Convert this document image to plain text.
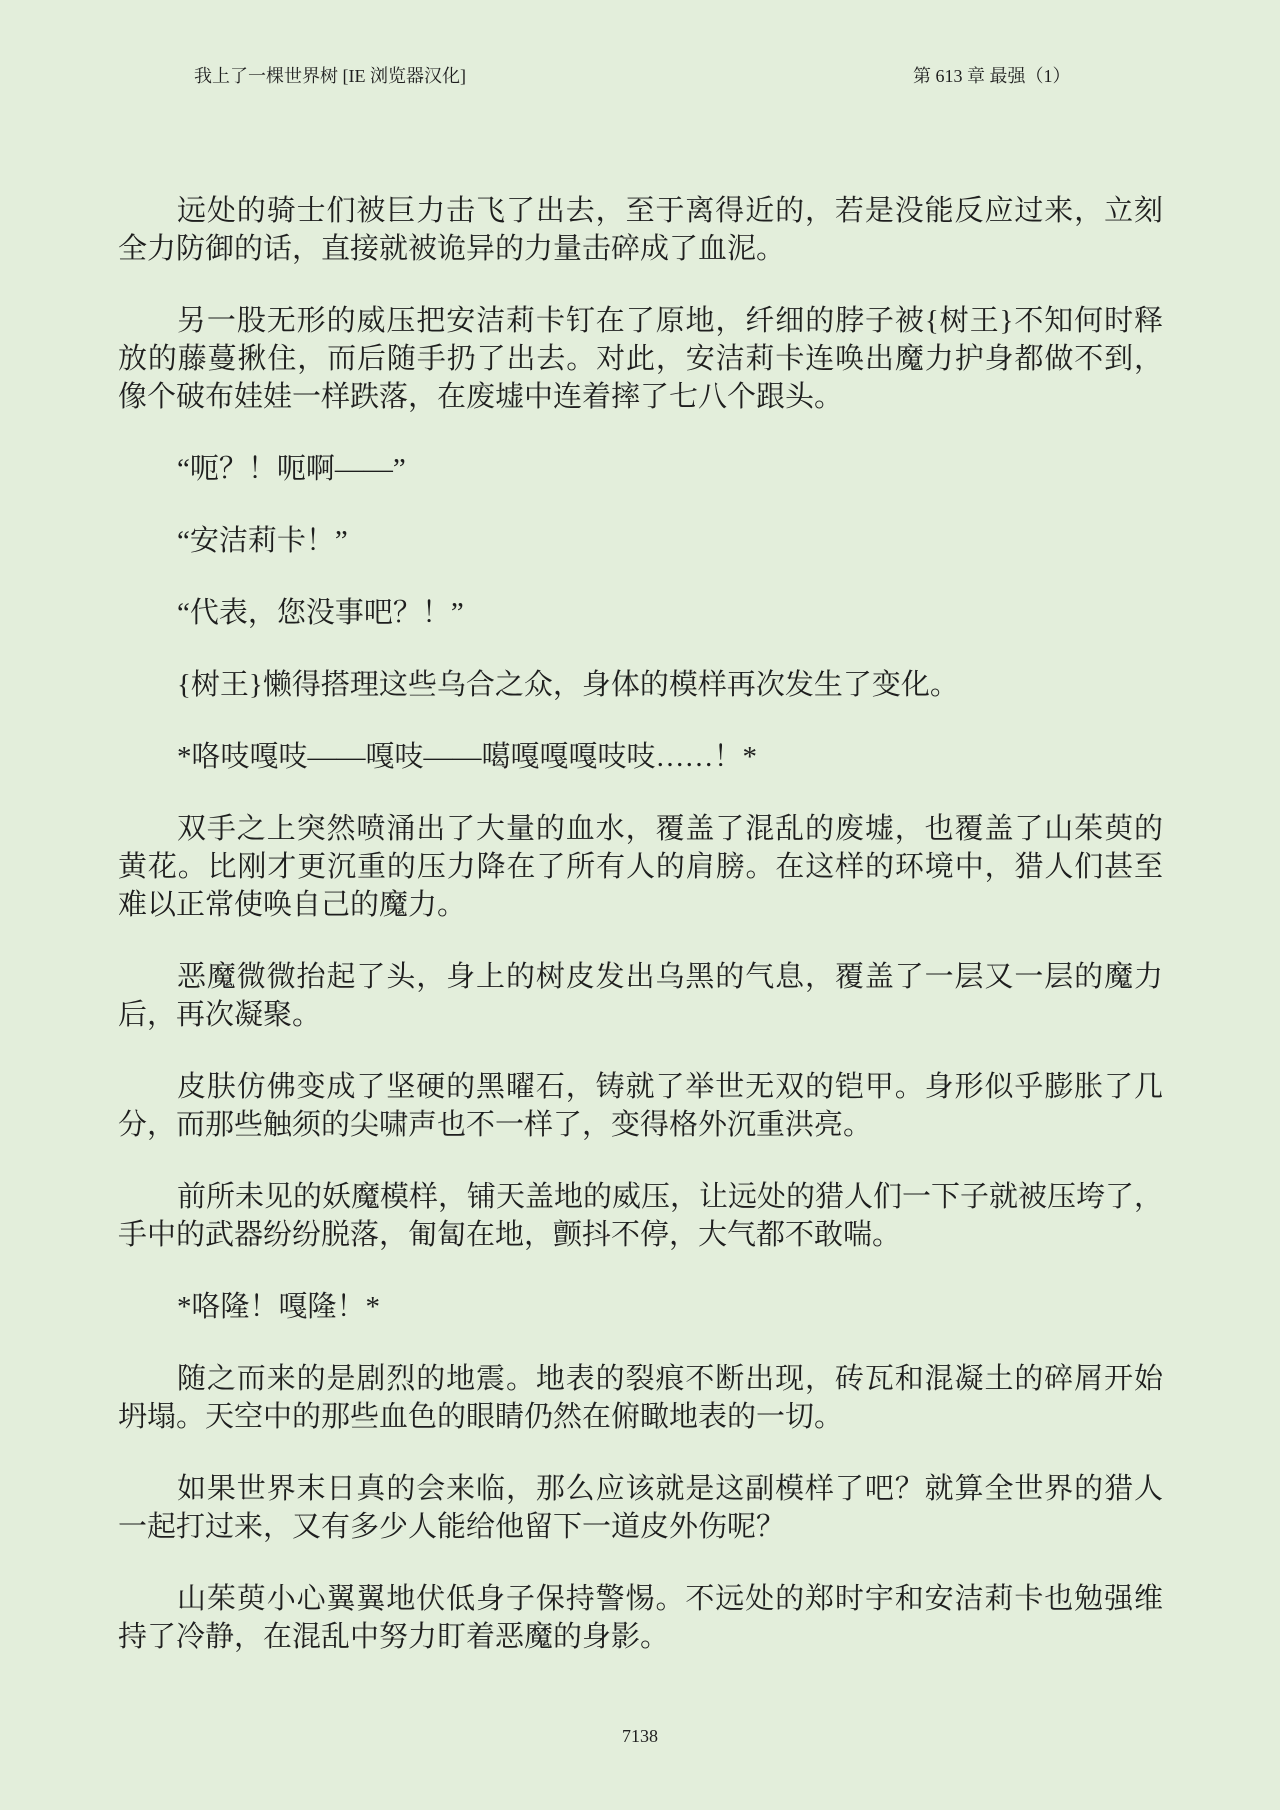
我上了一棵世界树 [IE 浏览器汉化]	第 613 章 最强（1）
远处的骑士们被巨力击飞了出去，至于离得近的，若是没能反应过来，立刻
全力防御的话，直接就被诡异的力量击碎成了血泥。
另一股无形的威压把安洁莉卡钉在了原地，纤细的脖子被{树王}不知何时释
放的藤蔓揪住，而后随手扔了出去。对此，安洁莉卡连唤出魔力护身都做不到，
像个破布娃娃一样跌落，在废墟中连着摔了七八个跟头。
“呃？！呃啊——”
“安洁莉卡！”
“代表，您没事吧？！”
{树王}懒得搭理这些乌合之众，身体的模样再次发生了变化。
*咯吱嘎吱——嘎吱——噶嘎嘎嘎吱吱……！*
双手之上突然喷涌出了大量的血水，覆盖了混乱的废墟，也覆盖了山茱萸的
黄花。比刚才更沉重的压力降在了所有人的肩膀。在这样的环境中，猎人们甚至
难以正常使唤自己的魔力。
恶魔微微抬起了头，身上的树皮发出乌黑的气息，覆盖了一层又一层的魔力
后，再次凝聚。
皮肤仿佛变成了坚硬的黑曜石，铸就了举世无双的铠甲。身形似乎膨胀了几
分，而那些触须的尖啸声也不一样了，变得格外沉重洪亮。
前所未见的妖魔模样，铺天盖地的威压，让远处的猎人们一下子就被压垮了，
手中的武器纷纷脱落，匍匐在地，颤抖不停，大气都不敢喘。
*咯隆！嘎隆！*
随之而来的是剧烈的地震。地表的裂痕不断出现，砖瓦和混凝土的碎屑开始
坍塌。天空中的那些血色的眼睛仍然在俯瞰地表的一切。
如果世界末日真的会来临，那么应该就是这副模样了吧？就算全世界的猎人
一起打过来，又有多少人能给他留下一道皮外伤呢？
山茱萸小心翼翼地伏低身子保持警惕。不远处的郑时宇和安洁莉卡也勉强维
持了冷静，在混乱中努力盯着恶魔的身影。
7138
